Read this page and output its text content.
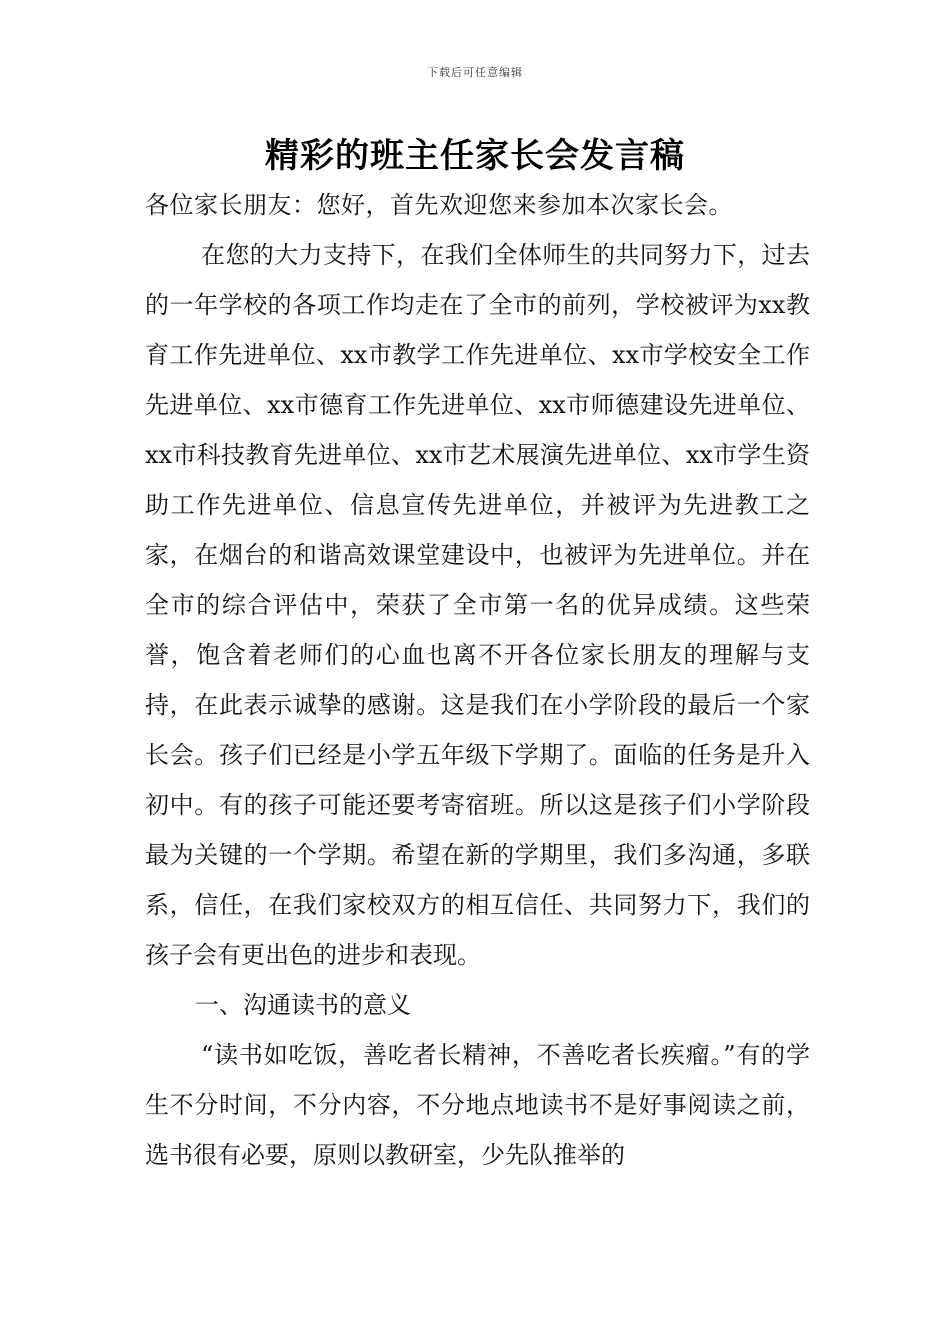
下载后可任意编辑
精彩的班主任家长会发言稿

各位家长朋友：您好，首先欢迎您来参加本次家长会。

在您的大力支持下，在我们全体师生的共同努力下，过去的一年学校的各项工作均走在了全市的前列，学校被评为xx教育工作先进单位、xx市教学工作先进单位、xx市学校安全工作先进单位、xx市德育工作先进单位、xx市师德建设先进单位、xx市科技教育先进单位、xx市艺术展演先进单位、xx市学生资助工作先进单位、信息宣传先进单位，并被评为先进教工之家，在烟台的和谐高效课堂建设中，也被评为先进单位。并在全市的综合评估中，荣获了全市第一名的优异成绩。这些荣誉，饱含着老师们的心血也离不开各位家长朋友的理解与支持，在此表示诚挚的感谢。这是我们在小学阶段的最后一个家长会。孩子们已经是小学五年级下学期了。面临的任务是升入初中。有的孩子可能还要考寄宿班。所以这是孩子们小学阶段最为关键的一个学期。希望在新的学期里，我们多沟通，多联系，信任，在我们家校双方的相互信任、共同努力下，我们的孩子会有更出色的进步和表现。

一、沟通读书的意义

“读书如吃饭，善吃者长精神，不善吃者长疾瘤。”有的学生不分时间，不分内容，不分地点地读书不是好事阅读之前，选书很有必要，原则以教研室，少先队推举的
